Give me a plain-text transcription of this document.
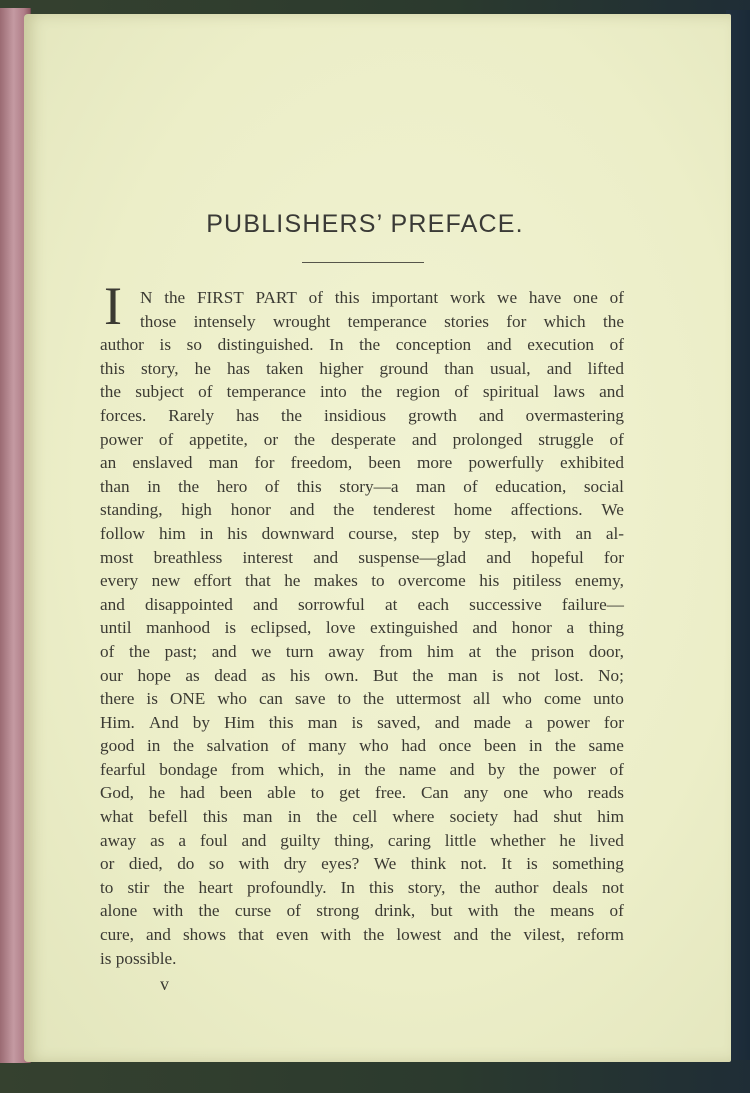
PUBLISHERS’ PREFACE.
I N the FIRST PART of this important work we have one of
those intensely wrought temperance stories for which the
author is so distinguished. In the conception and execution of
this story, he has taken higher ground than usual, and lifted
the subject of temperance into the region of spiritual laws and
forces. Rarely has the insidious growth and overmastering
power of appetite, or the desperate and prolonged struggle of
an enslaved man for freedom, been more powerfully exhibited
than in the hero of this story—a man of education, social
standing, high honor and the tenderest home affections. We
follow him in his downward course, step by step, with an al-
most breathless interest and suspense—glad and hopeful for
every new effort that he makes to overcome his pitiless enemy,
and disappointed and sorrowful at each successive failure—
until manhood is eclipsed, love extinguished and honor a thing
of the past; and we turn away from him at the prison door,
our hope as dead as his own. But the man is not lost. No;
there is ONE who can save to the uttermost all who come unto
Him. And by Him this man is saved, and made a power for
good in the salvation of many who had once been in the same
fearful bondage from which, in the name and by the power of
God, he had been able to get free. Can any one who reads
what befell this man in the cell where society had shut him
away as a foul and guilty thing, caring little whether he lived
or died, do so with dry eyes? We think not. It is something
to stir the heart profoundly. In this story, the author deals not
alone with the curse of strong drink, but with the means of
cure, and shows that even with the lowest and the vilest, reform
is possible.
v
